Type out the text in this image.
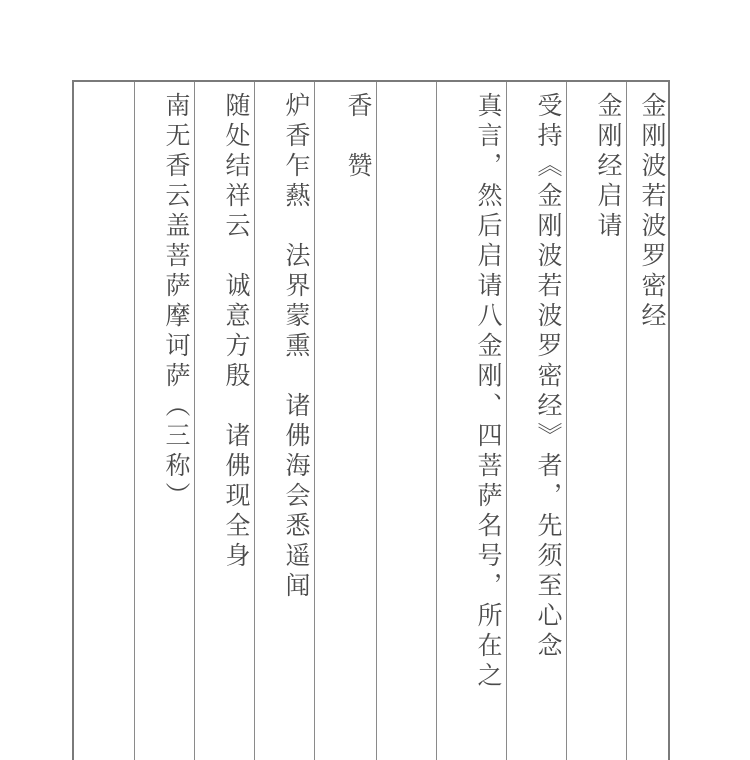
金刚波若波罗密经
金刚经启请
受持《金刚波若波罗密经》者，先须至心念
真言，然后启请八金刚、四菩萨名号，所在之
香　赞
炉香乍爇　法界蒙熏　诸佛海会悉遥闻
随处结祥云　诚意方殷　诸佛现全身
南无香云盖菩萨摩诃萨（三称）
